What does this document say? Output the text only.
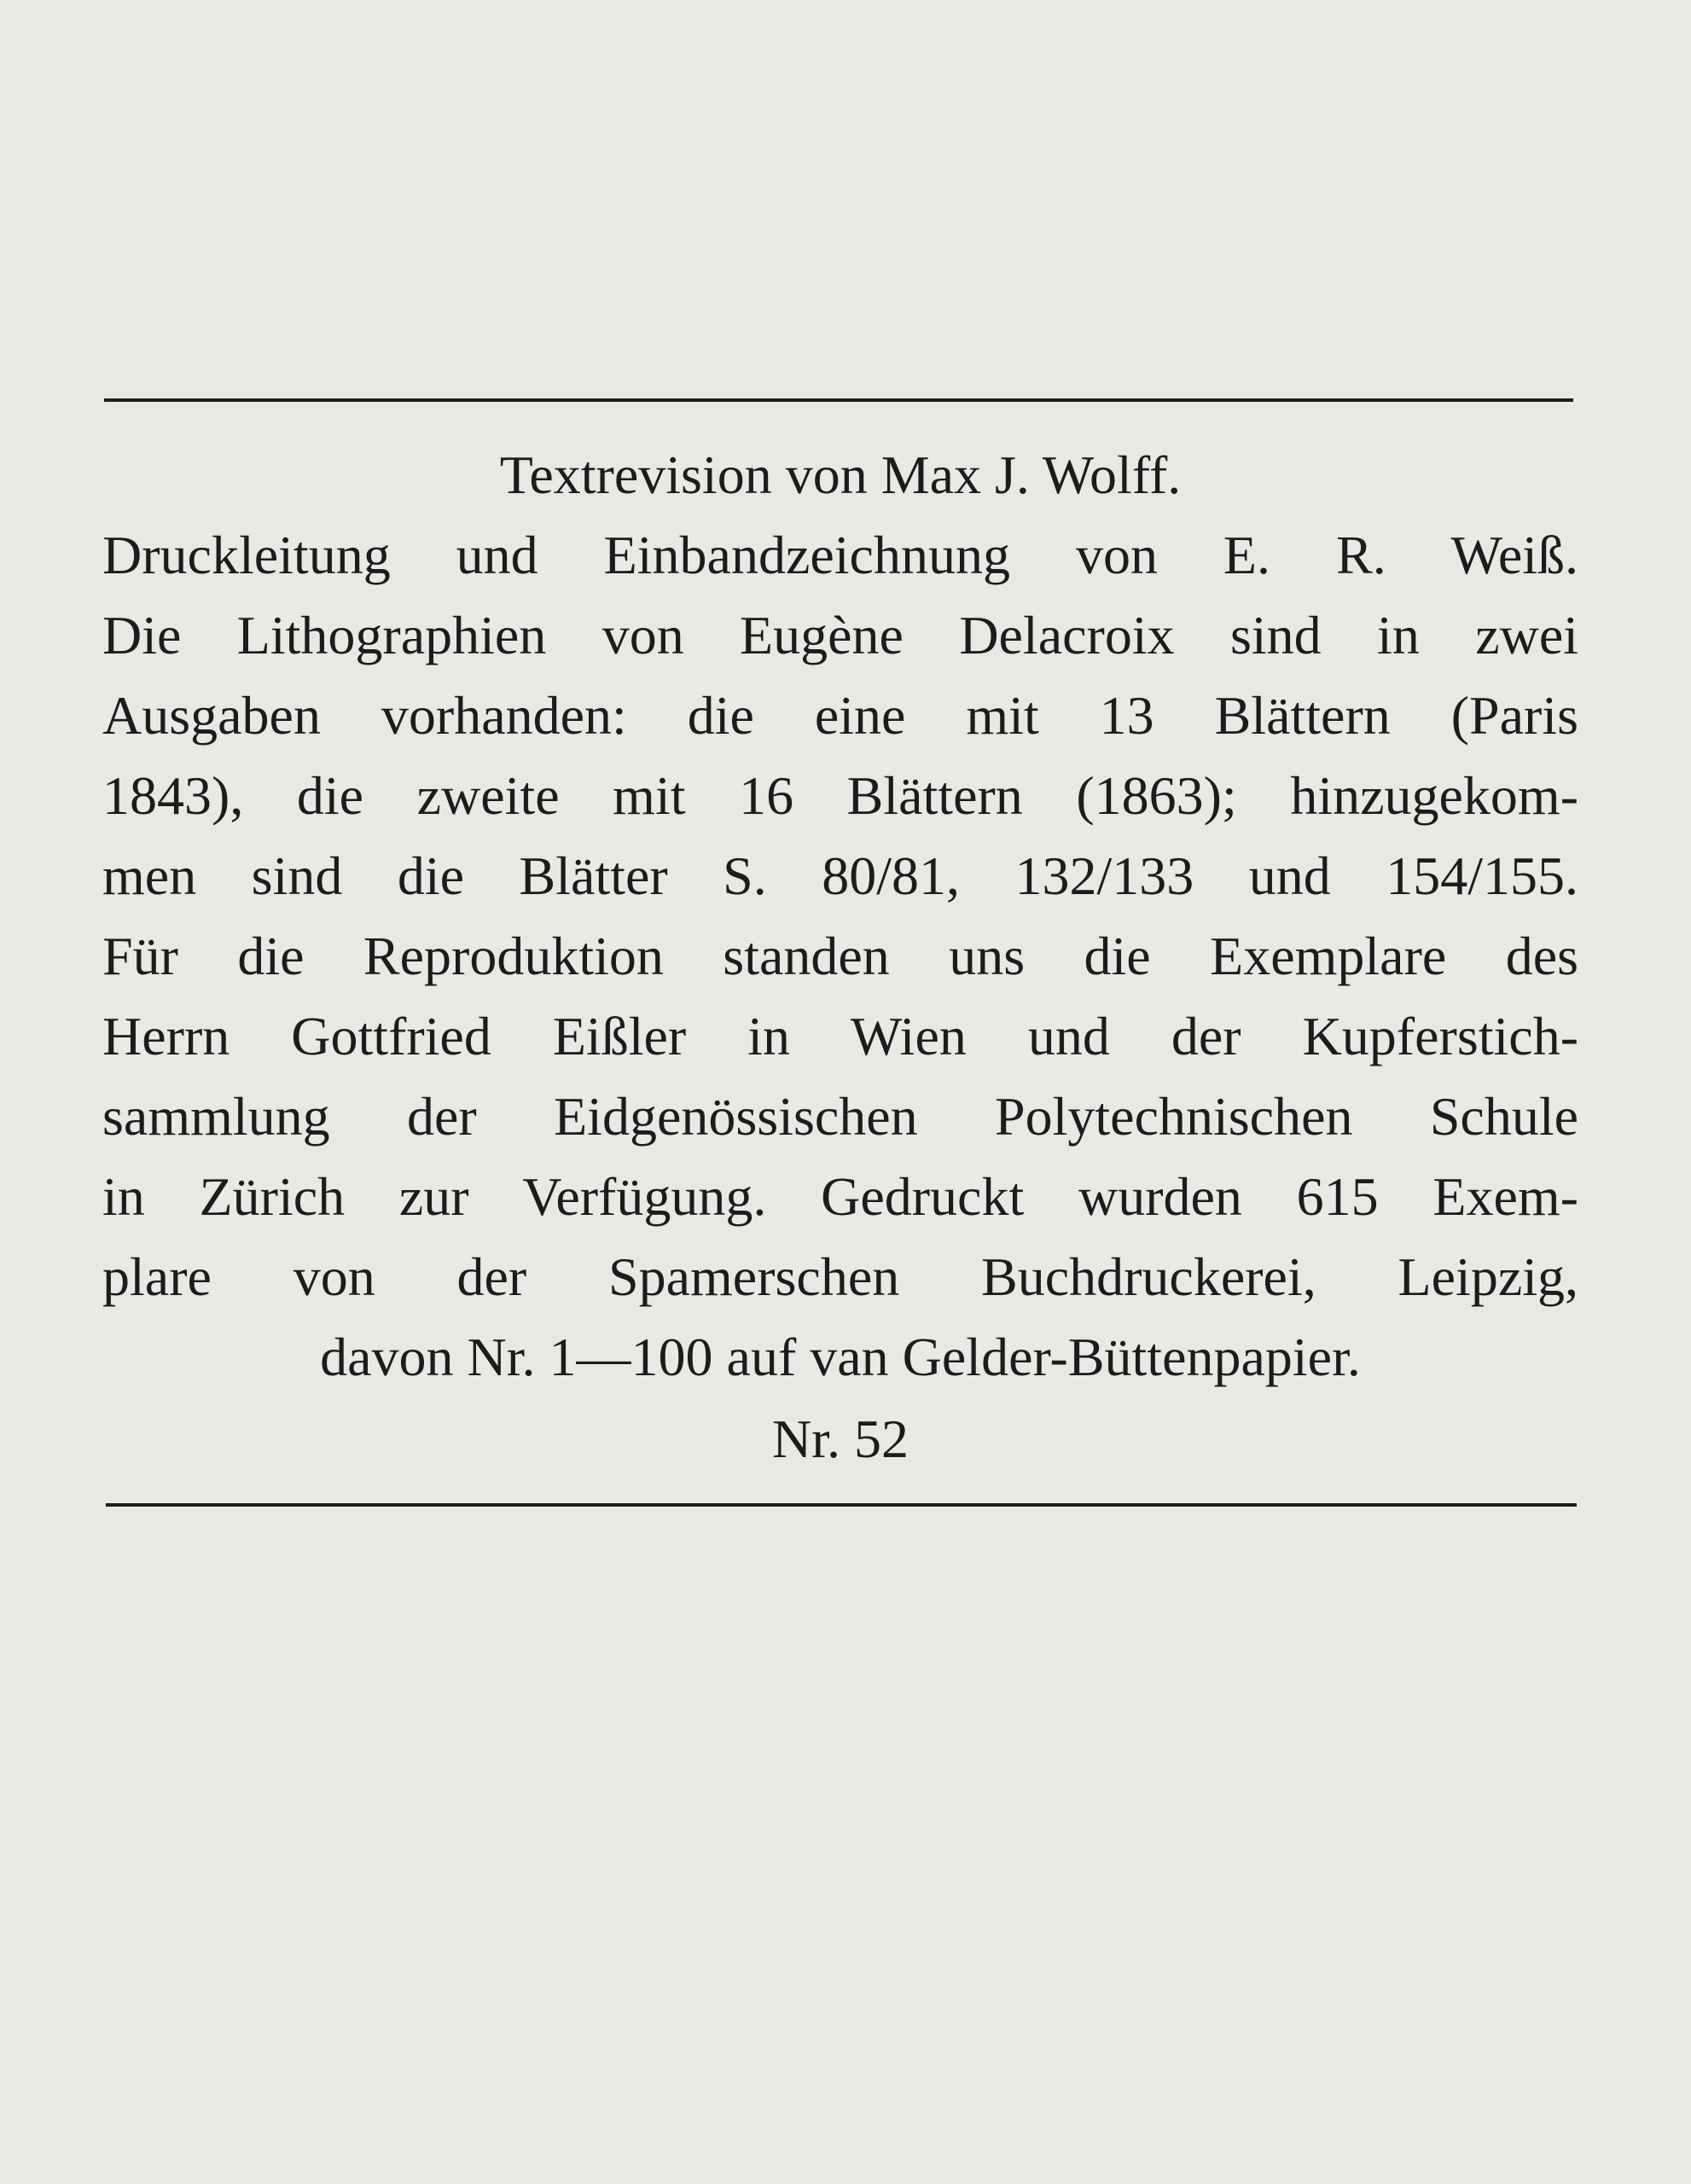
Textrevision von Max J. Wolff.
Druckleitung und Einbandzeichnung von E. R. Weiß.
Die Lithographien von Eugène Delacroix sind in zwei
Ausgaben vorhanden: die eine mit 13 Blättern (Paris
1843), die zweite mit 16 Blättern (1863); hinzugekom-
men sind die Blätter S. 80/81, 132/133 und 154/155.
Für die Reproduktion standen uns die Exemplare des
Herrn Gottfried Eißler in Wien und der Kupferstich-
sammlung der Eidgenössischen Polytechnischen Schule
in Zürich zur Verfügung. Gedruckt wurden 615 Exem-
plare von der Spamerschen Buchdruckerei, Leipzig,
davon Nr. 1—100 auf van Gelder-Büttenpapier.
Nr. 52
